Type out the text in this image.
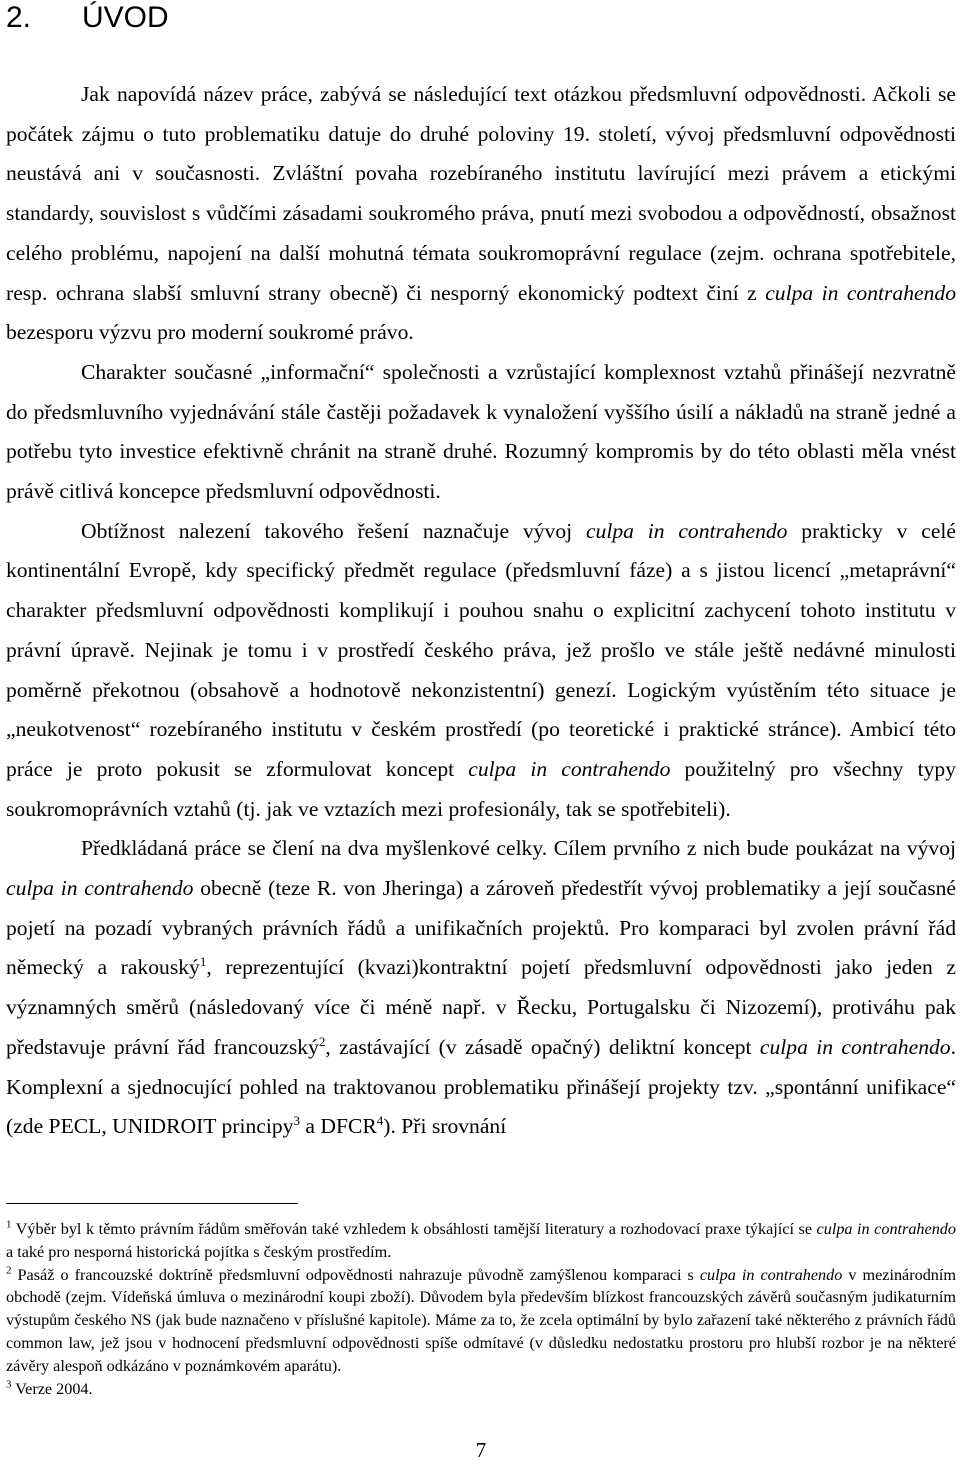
2. ÚVOD

Jak napovídá název práce, zabývá se následující text otázkou předsmluvní odpovědnosti. Ačkoli se počátek zájmu o tuto problematiku datuje do druhé poloviny 19. století, vývoj předsmluvní odpovědnosti neustává ani v současnosti. Zvláštní povaha rozebíraného institutu lavírující mezi právem a etickými standardy, souvislost s vůdčími zásadami soukromého práva, pnutí mezi svobodou a odpovědností, obsažnost celého problému, napojení na další mohutná témata soukromoprávní regulace (zejm. ochrana spotřebitele, resp. ochrana slabší smluvní strany obecně) či nesporný ekonomický podtext činí z culpa in contrahendo bezesporu výzvu pro moderní soukromé právo.

Charakter současné „informační“ společnosti a vzrůstající komplexnost vztahů přinášejí nezvratně do předsmluvního vyjednávání stále častěji požadavek k vynaložení vyššího úsilí a nákladů na straně jedné a potřebu tyto investice efektivně chránit na straně druhé. Rozumný kompromis by do této oblasti měla vnést právě citlivá koncepce předsmluvní odpovědnosti.

Obtížnost nalezení takového řešení naznačuje vývoj culpa in contrahendo prakticky v celé kontinentální Evropě, kdy specifický předmět regulace (předsmluvní fáze) a s jistou licencí „metaprávní“ charakter předsmluvní odpovědnosti komplikují i pouhou snahu o explicitní zachycení tohoto institutu v právní úpravě. Nejinak je tomu i v prostředí českého práva, jež prošlo ve stále ještě nedávné minulosti poměrně překotnou (obsahově a hodnotově nekonzistentní) genezí. Logickým vyústěním této situace je „neukotvenost“ rozebíraného institutu v českém prostředí (po teoretické i praktické stránce). Ambicí této práce je proto pokusit se zformulovat koncept culpa in contrahendo použitelný pro všechny typy soukromoprávních vztahů (tj. jak ve vztazích mezi profesionály, tak se spotřebiteli).

Předkládaná práce se člení na dva myšlenkové celky. Cílem prvního z nich bude poukázat na vývoj culpa in contrahendo obecně (teze R. von Jheringa) a zároveň předestřít vývoj problematiky a její současné pojetí na pozadí vybraných právních řádů a unifikačních projektů. Pro komparaci byl zvolen právní řád německý a rakouský$^1$, reprezentující (kvazi)kontraktní pojetí předsmluvní odpovědnosti jako jeden z významných směrů (následovaný více či méně např. v Řecku, Portugalsku či Nizozemí), protiváhu pak představuje právní řád francouzský$^2$, zastávající (v zásadě opačný) deliktní koncept culpa in contrahendo. Komplexní a sjednocující pohled na traktovanou problematiku přinášejí projekty tzv. „spontánní unifikace“ (zde PECL, UNIDROIT principy$^3$ a DFCR$^4$). Při srovnání

$^1$ Výběr byl k těmto právním řádům směřován také vzhledem k obsáhlosti tamější literatury a rozhodovací praxe týkající se culpa in contrahendo a také pro nesporná historická pojítka s českým prostředím.

$^2$ Pasáž o francouzské doktríně předsmluvní odpovědnosti nahrazuje původně zamýšlenou komparaci s culpa in contrahendo v mezinárodním obchodě (zejm. Vídeňská úmluva o mezinárodní koupi zboží). Důvodem byla především blízkost francouzských závěrů současným judikaturním výstupům českého NS (jak bude naznačeno v příslušné kapitole). Máme za to, že zcela optimální by bylo zařazení také některého z právních řádů common law, jež jsou v hodnocení předsmluvní odpovědnosti spíše odmítavé (v důsledku nedostatku prostoru pro hlubší rozbor je na některé závěry alespoň odkázáno v poznámkovém aparátu).

$^3$ Verze 2004.

7
